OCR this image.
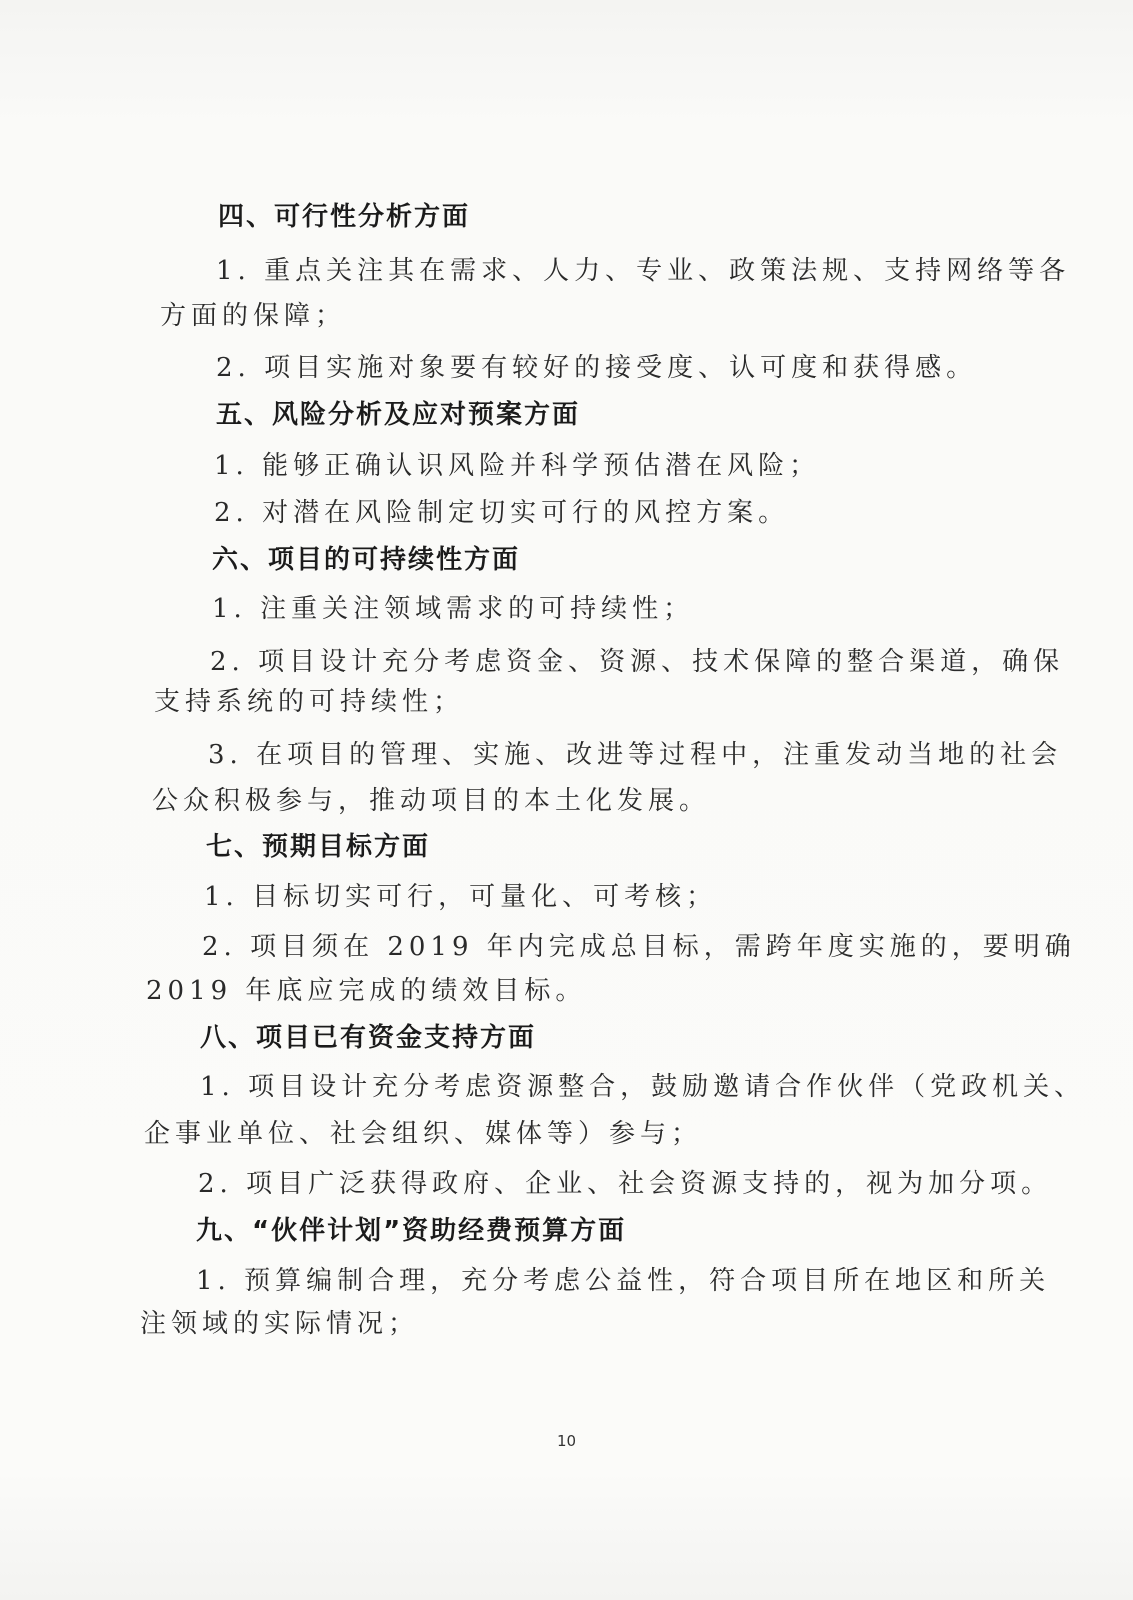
四、可行性分析方面
1. 重点关注其在需求、人力、专业、政策法规、支持网络等各
方面的保障；
2. 项目实施对象要有较好的接受度、认可度和获得感。
五、风险分析及应对预案方面
1. 能够正确认识风险并科学预估潜在风险；
2. 对潜在风险制定切实可行的风控方案。
六、项目的可持续性方面
1. 注重关注领域需求的可持续性；
2. 项目设计充分考虑资金、资源、技术保障的整合渠道，确保
支持系统的可持续性；
3. 在项目的管理、实施、改进等过程中，注重发动当地的社会
公众积极参与，推动项目的本土化发展。
七、预期目标方面
1. 目标切实可行，可量化、可考核；
2. 项目须在 2019 年内完成总目标，需跨年度实施的，要明确
2019 年底应完成的绩效目标。
八、项目已有资金支持方面
1. 项目设计充分考虑资源整合，鼓励邀请合作伙伴（党政机关、
企事业单位、社会组织、媒体等）参与；
2. 项目广泛获得政府、企业、社会资源支持的，视为加分项。
九、“伙伴计划”资助经费预算方面
1. 预算编制合理，充分考虑公益性，符合项目所在地区和所关
注领域的实际情况；
10
